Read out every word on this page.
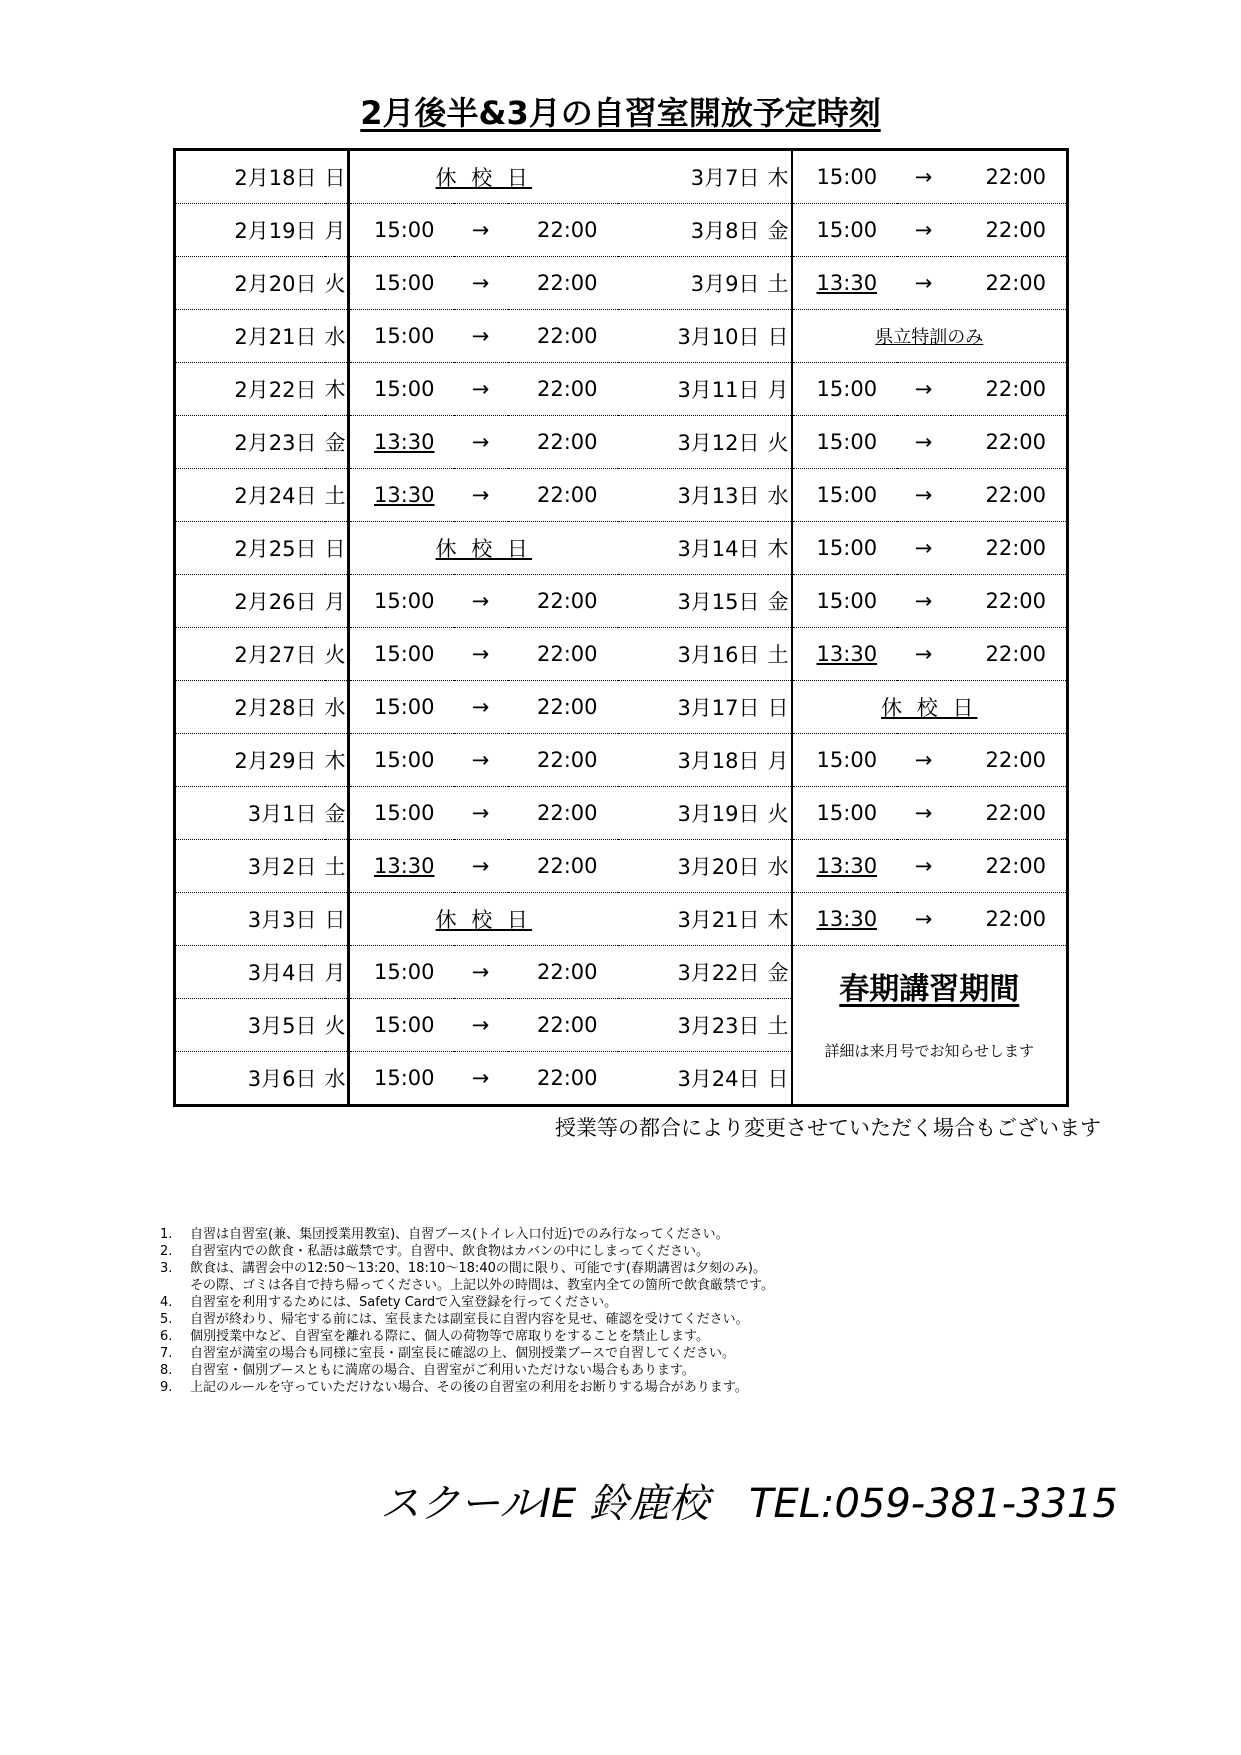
2月後半&3月の自習室開放予定時刻
2月18日	日	休 校 日			3月7日	木	15:00	→	22:00
2月19日	月	15:00	→	22:00	3月8日	金	15:00	→	22:00
2月20日	火	15:00	→	22:00	3月9日	土	13:30	→	22:00
2月21日	水	15:00	→	22:00	3月10日	日	県立特訓のみ		
2月22日	木	15:00	→	22:00	3月11日	月	15:00	→	22:00
2月23日	金	13:30	→	22:00	3月12日	火	15:00	→	22:00
2月24日	土	13:30	→	22:00	3月13日	水	15:00	→	22:00
2月25日	日	休 校 日			3月14日	木	15:00	→	22:00
2月26日	月	15:00	→	22:00	3月15日	金	15:00	→	22:00
2月27日	火	15:00	→	22:00	3月16日	土	13:30	→	22:00
2月28日	水	15:00	→	22:00	3月17日	日	休 校 日		
2月29日	木	15:00	→	22:00	3月18日	月	15:00	→	22:00
3月1日	金	15:00	→	22:00	3月19日	火	15:00	→	22:00
3月2日	土	13:30	→	22:00	3月20日	水	13:30	→	22:00
3月3日	日	休 校 日			3月21日	木	13:30	→	22:00
3月4日	月	15:00	→	22:00	3月22日	金	春期講習期間
詳細は来月号でお知らせします		

3月5日	火	15:00	→	22:00	3月23日	土			
3月6日	水	15:00	→	22:00	3月24日	日			
授業等の都合により変更させていただく場合もございます
1. 自習は自習室(兼、集団授業用教室)、自習ブース(トイレ入口付近)でのみ行なってください。
2. 自習室内での飲食・私語は厳禁です。自習中、飲食物はカバンの中にしまってください。
3. 飲食は、講習会中の12:50～13:20、18:10～18:40の間に限り、可能です(春期講習は夕刻のみ)。
その際、ゴミは各自で持ち帰ってください。上記以外の時間は、教室内全ての箇所で飲食厳禁です。
4. 自習室を利用するためには、Safety Cardで入室登録を行ってください。
5. 自習が終わり、帰宅する前には、室長または副室長に自習内容を見せ、確認を受けてください。
6. 個別授業中など、自習室を離れる際に、個人の荷物等で席取りをすることを禁止します。
7. 自習室が満室の場合も同様に室長・副室長に確認の上、個別授業ブースで自習してください。
8. 自習室・個別ブースともに満席の場合、自習室がご利用いただけない場合もあります。
9. 上記のルールを守っていただけない場合、その後の自習室の利用をお断りする場合があります。
スクールIE 鈴鹿校　TEL:059-381-3315
